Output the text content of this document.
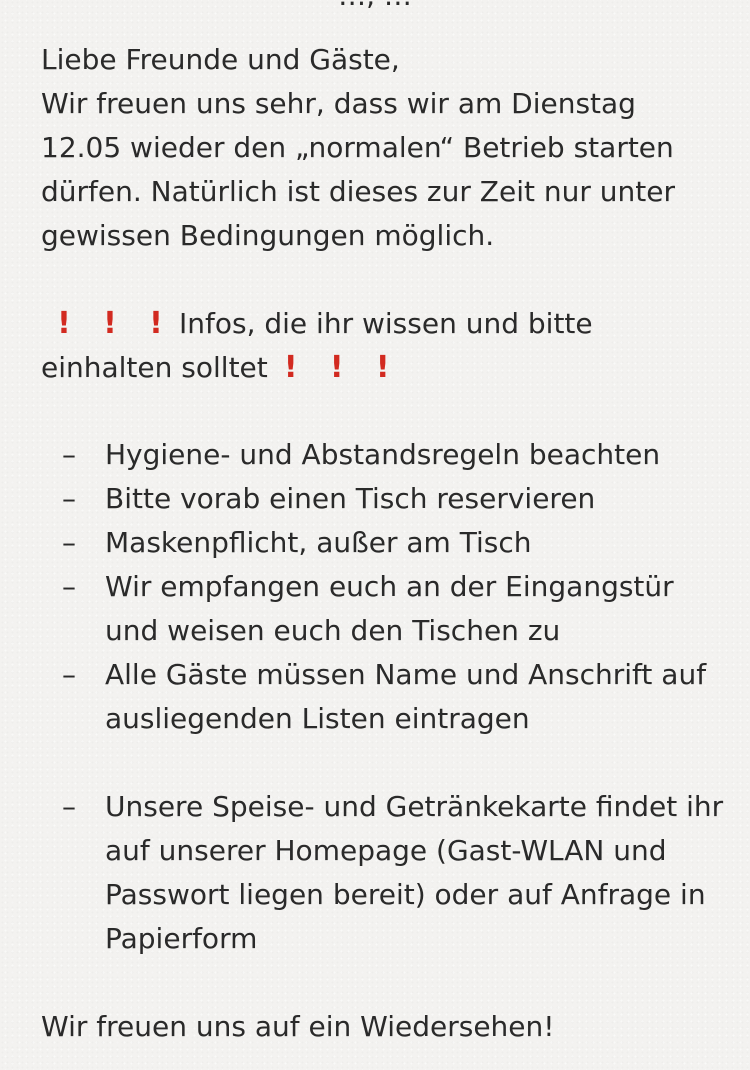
Liebe Freunde und Gäste,
Wir freuen uns sehr, dass wir am Dienstag 12.05 wieder den „normalen“ Betrieb starten dürfen. Natürlich ist dieses zur Zeit nur unter gewissen Bedingungen möglich.
! ! ! Infos, die ihr wissen und bitte
einhalten solltet ! ! !
– Hygiene- und Abstandsregeln beachten
– Bitte vorab einen Tisch reservieren
– Maskenpflicht, außer am Tisch
– Wir empfangen euch an der Eingangstür und weisen euch den Tischen zu
– Alle Gäste müssen Name und Anschrift auf ausliegenden Listen eintragen
– Unsere Speise- und Getränkekarte findet ihr auf unserer Homepage (Gast-WLAN und Passwort liegen bereit) oder auf Anfrage in Papierform
Wir freuen uns auf ein Wiedersehen!
